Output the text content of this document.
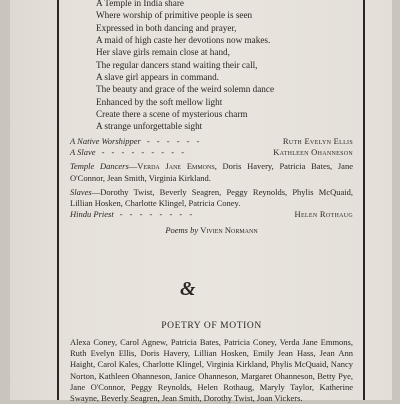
A Temple in India share
Where worship of primitive people is seen
Expressed in both dancing and prayer,
A maid of high caste her devotions now makes.
Her slave girls remain close at hand,
The regular dancers stand waiting their call,
A slave girl appears in command.
The beauty and grace of the weird solemn dance
Enhanced by the soft mellow light
Create there a scene of mysterious charm
A strange unforgettable sight
A Native Worshipper - - - - - -	Ruth Evelyn Ellis
A Slave - - - - - - - - -	Kathleen Ohanneson
Temple Dancers—Verda Jane Emmons, Doris Havery, Patricia Bates, Jane O'Connor, Jean Smith, Virginia Kirkland.
Slaves—Dorothy Twist, Beverly Seagren, Peggy Reynolds, Phylis McQuaid, Lillian Hosken, Charlotte Klingel, Patricia Coney.
Hindu Priest - - - - - - - -	Helen Rothaug
Poems by Vivien Normann
&
POETRY OF MOTION
Alexa Coney, Carol Agnew, Patricia Bates, Patricia Coney, Verda Jane Emmons, Ruth Evelyn Ellis, Doris Havery, Lillian Hosken, Emily Jean Hass, Jean Ann Haight, Carol Kales, Charlotte Klingel, Virginia Kirkland, Phylis McQuaid, Nancy Norton, Kathleen Ohanneson, Janice Ohanneson, Margaret Ohanneson, Betty Pye, Jane O'Connor, Peggy Reynolds, Helen Rothaug, Maryly Taylor, Katherine Swayne, Beverly Seagren, Jean Smith, Dorothy Twist, Joan Vickers.
